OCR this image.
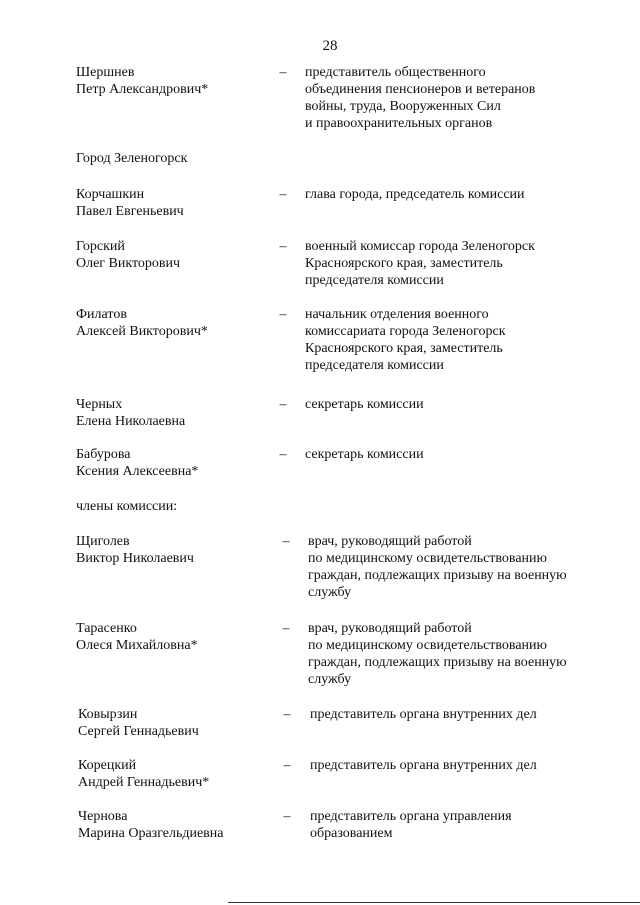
28
Шершнев
Петр Александрович*
– представитель общественного
объединения пенсионеров и ветеранов
войны, труда, Вооруженных Сил
и правоохранительных органов
Город Зеленогорск
Корчашкин
Павел Евгеньевич
– глава города, председатель комиссии
Горский
Олег Викторович
– военный комиссар города Зеленогорск
Красноярского края, заместитель
председателя комиссии
Филатов
Алексей Викторович*
– начальник отделения военного
комиссариата города Зеленогорск
Красноярского края, заместитель
председателя комиссии
Черных
Елена Николаевна
– секретарь комиссии
Бабурова
Ксения Алексеевна*
– секретарь комиссии
члены комиссии:
Щиголев
Виктор Николаевич
– врач, руководящий работой
по медицинскому освидетельствованию
граждан, подлежащих призыву на военную
службу
Тарасенко
Олеся Михайловна*
– врач, руководящий работой
по медицинскому освидетельствованию
граждан, подлежащих призыву на военную
службу
Ковырзин
Сергей Геннадьевич
– представитель органа внутренних дел
Корецкий
Андрей Геннадьевич*
– представитель органа внутренних дел
Чернова
Марина Оразгельдиевна
– представитель органа управления
образованием
